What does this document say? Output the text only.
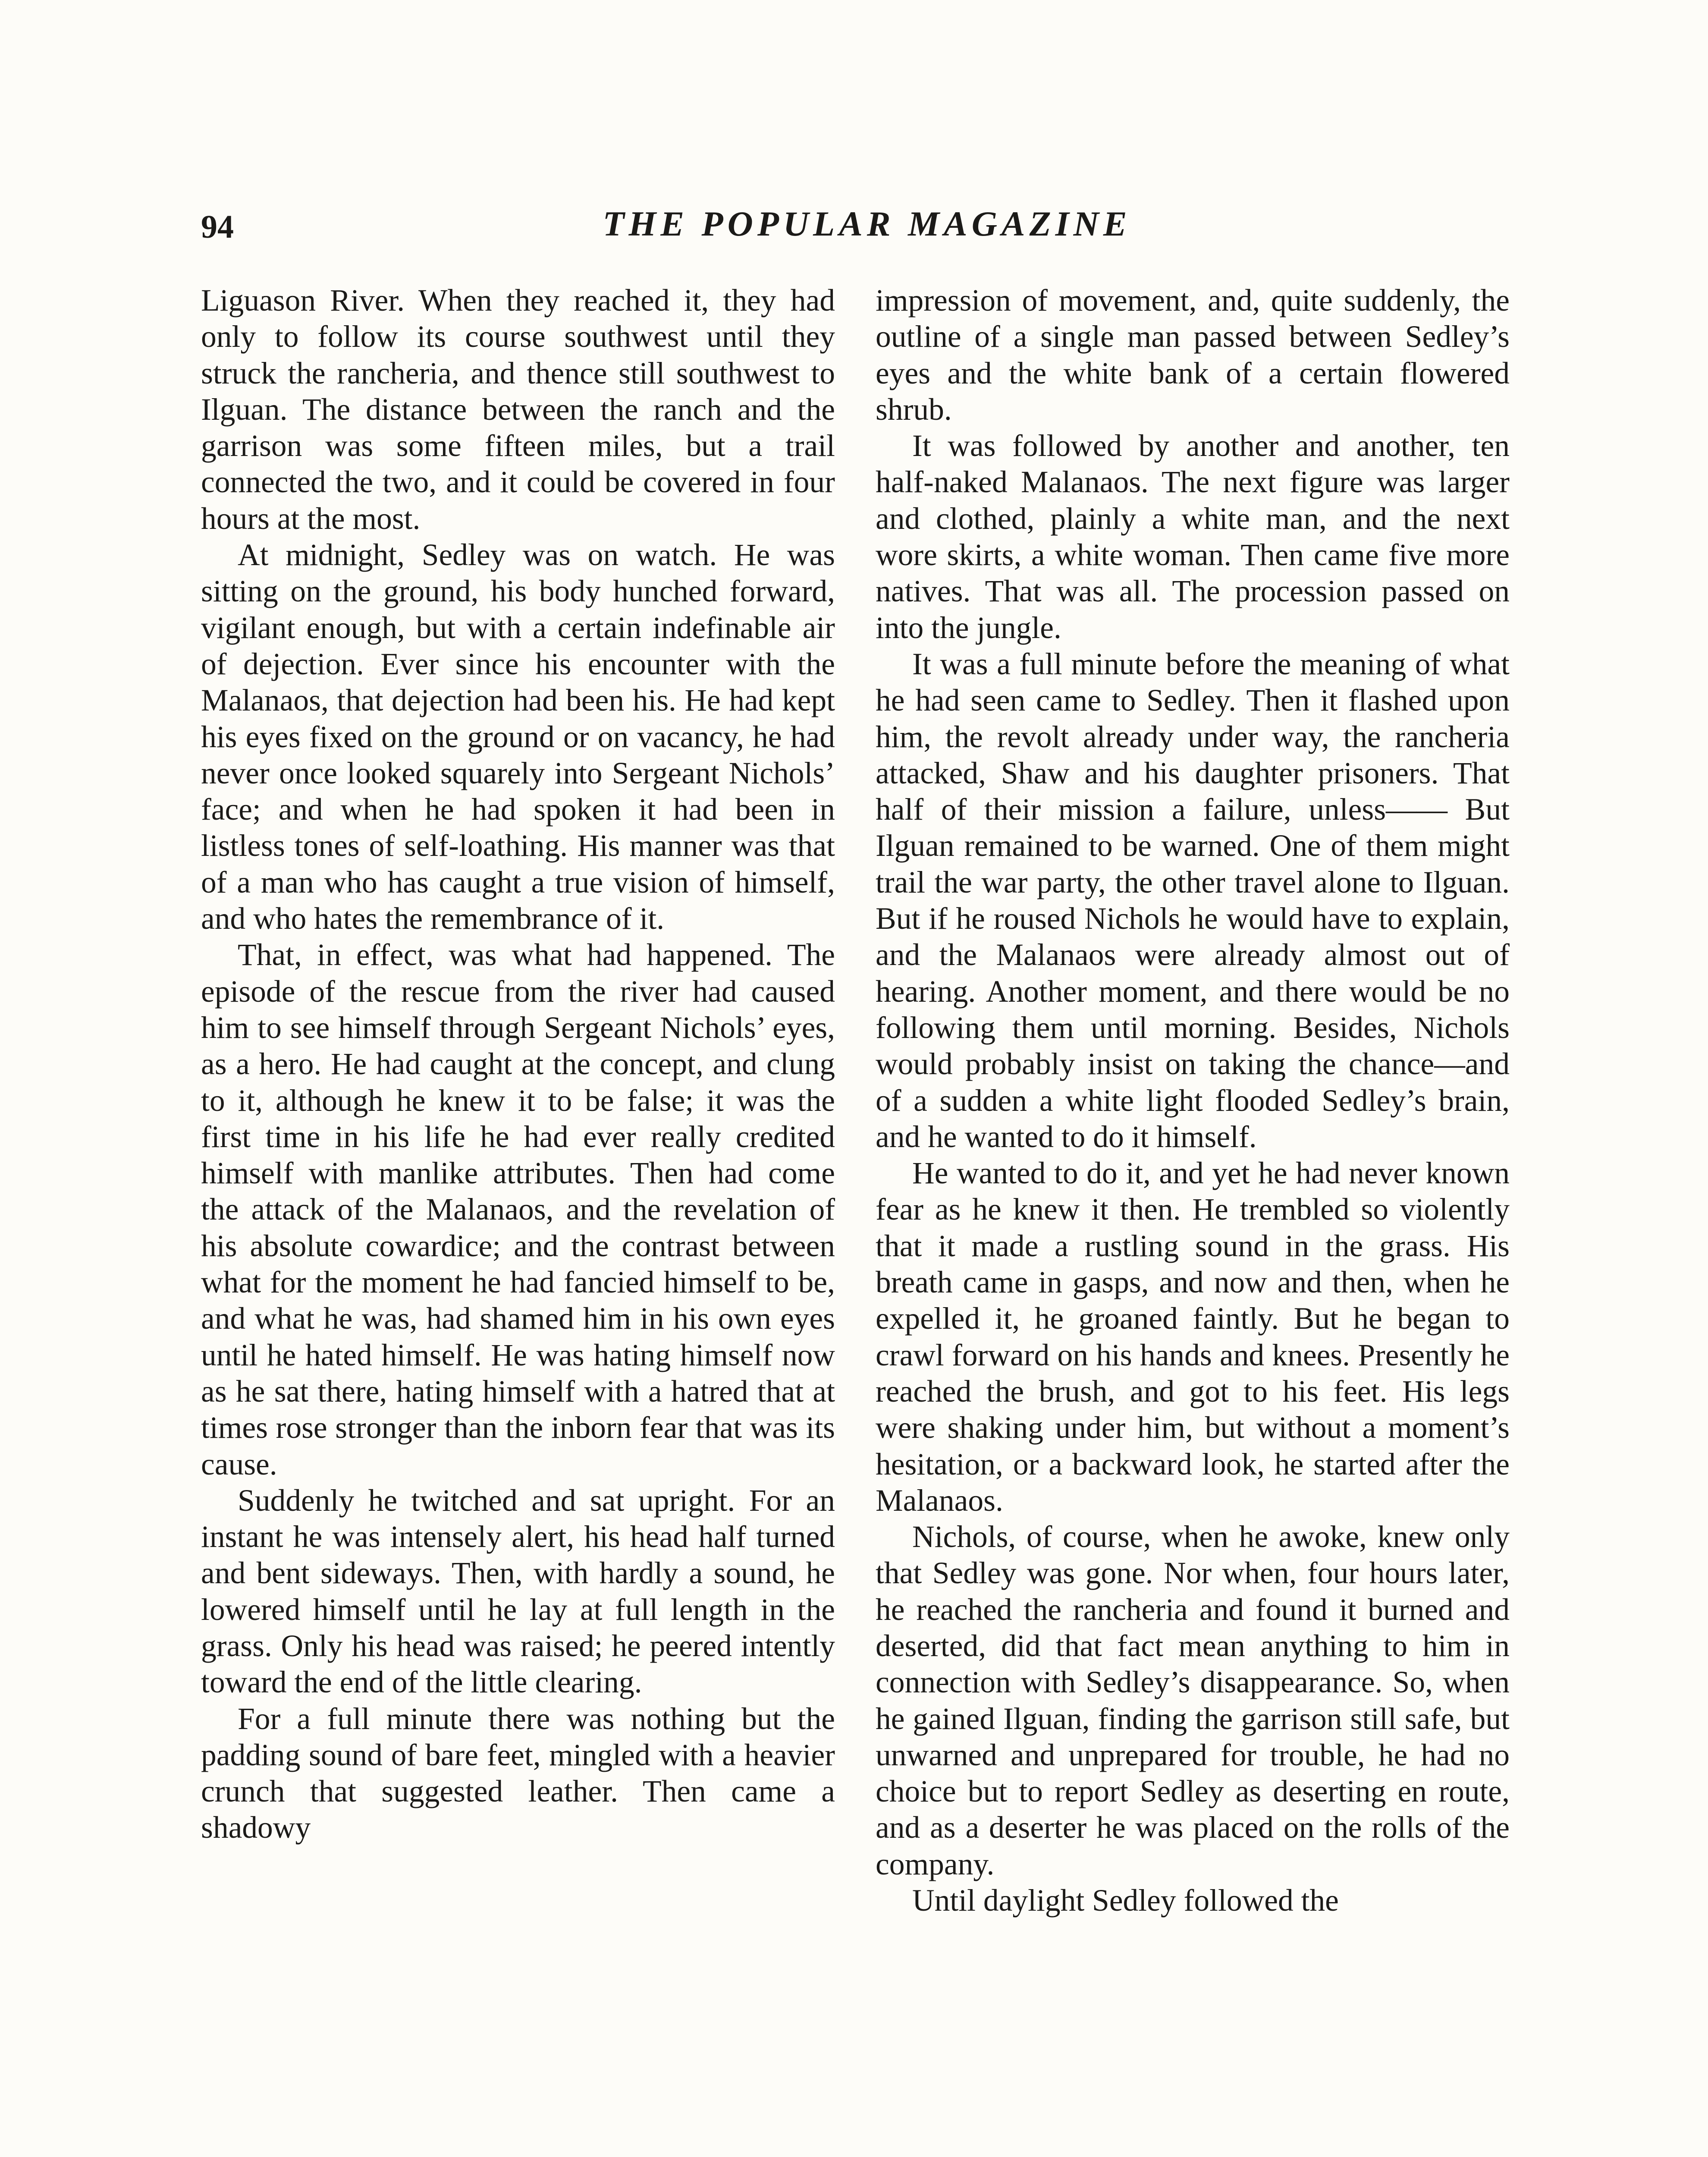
94	THE POPULAR MAGAZINE

Liguason River. When they reached it, they had only to follow its course southwest until they struck the rancheria, and thence still southwest to Ilguan. The distance between the ranch and the garrison was some fifteen miles, but a trail connected the two, and it could be covered in four hours at the most.

At midnight, Sedley was on watch. He was sitting on the ground, his body hunched forward, vigilant enough, but with a certain indefinable air of dejection. Ever since his encounter with the Malanaos, that dejection had been his. He had kept his eyes fixed on the ground or on vacancy, he had never once looked squarely into Sergeant Nichols’ face; and when he had spoken it had been in listless tones of self-loathing. His manner was that of a man who has caught a true vision of himself, and who hates the remembrance of it.

That, in effect, was what had happened. The episode of the rescue from the river had caused him to see himself through Sergeant Nichols’ eyes, as a hero. He had caught at the concept, and clung to it, although he knew it to be false; it was the first time in his life he had ever really credited himself with manlike attributes. Then had come the attack of the Malanaos, and the revelation of his absolute cowardice; and the contrast between what for the moment he had fancied himself to be, and what he was, had shamed him in his own eyes until he hated himself. He was hating himself now as he sat there, hating himself with a hatred that at times rose stronger than the inborn fear that was its cause.

Suddenly he twitched and sat upright. For an instant he was intensely alert, his head half turned and bent sideways. Then, with hardly a sound, he lowered himself until he lay at full length in the grass. Only his head was raised; he peered intently toward the end of the little clearing.

For a full minute there was nothing but the padding sound of bare feet, mingled with a heavier crunch that suggested leather. Then came a shadowy

impression of movement, and, quite suddenly, the outline of a single man passed between Sedley’s eyes and the white bank of a certain flowered shrub.

It was followed by another and another, ten half-naked Malanaos. The next figure was larger and clothed, plainly a white man, and the next wore skirts, a white woman. Then came five more natives. That was all. The procession passed on into the jungle.

It was a full minute before the meaning of what he had seen came to Sedley. Then it flashed upon him, the revolt already under way, the rancheria attacked, Shaw and his daughter prisoners. That half of their mission a failure, unless—— But Ilguan remained to be warned. One of them might trail the war party, the other travel alone to Ilguan. But if he roused Nichols he would have to explain, and the Malanaos were already almost out of hearing. Another moment, and there would be no following them until morning. Besides, Nichols would probably insist on taking the chance—and of a sudden a white light flooded Sedley’s brain, and he wanted to do it himself.

He wanted to do it, and yet he had never known fear as he knew it then. He trembled so violently that it made a rustling sound in the grass. His breath came in gasps, and now and then, when he expelled it, he groaned faintly. But he began to crawl forward on his hands and knees. Presently he reached the brush, and got to his feet. His legs were shaking under him, but without a moment’s hesitation, or a backward look, he started after the Malanaos.

Nichols, of course, when he awoke, knew only that Sedley was gone. Nor when, four hours later, he reached the rancheria and found it burned and deserted, did that fact mean anything to him in connection with Sedley’s disappearance. So, when he gained Ilguan, finding the garrison still safe, but unwarned and unprepared for trouble, he had no choice but to report Sedley as deserting en route, and as a deserter he was placed on the rolls of the company.

Until daylight Sedley followed the
